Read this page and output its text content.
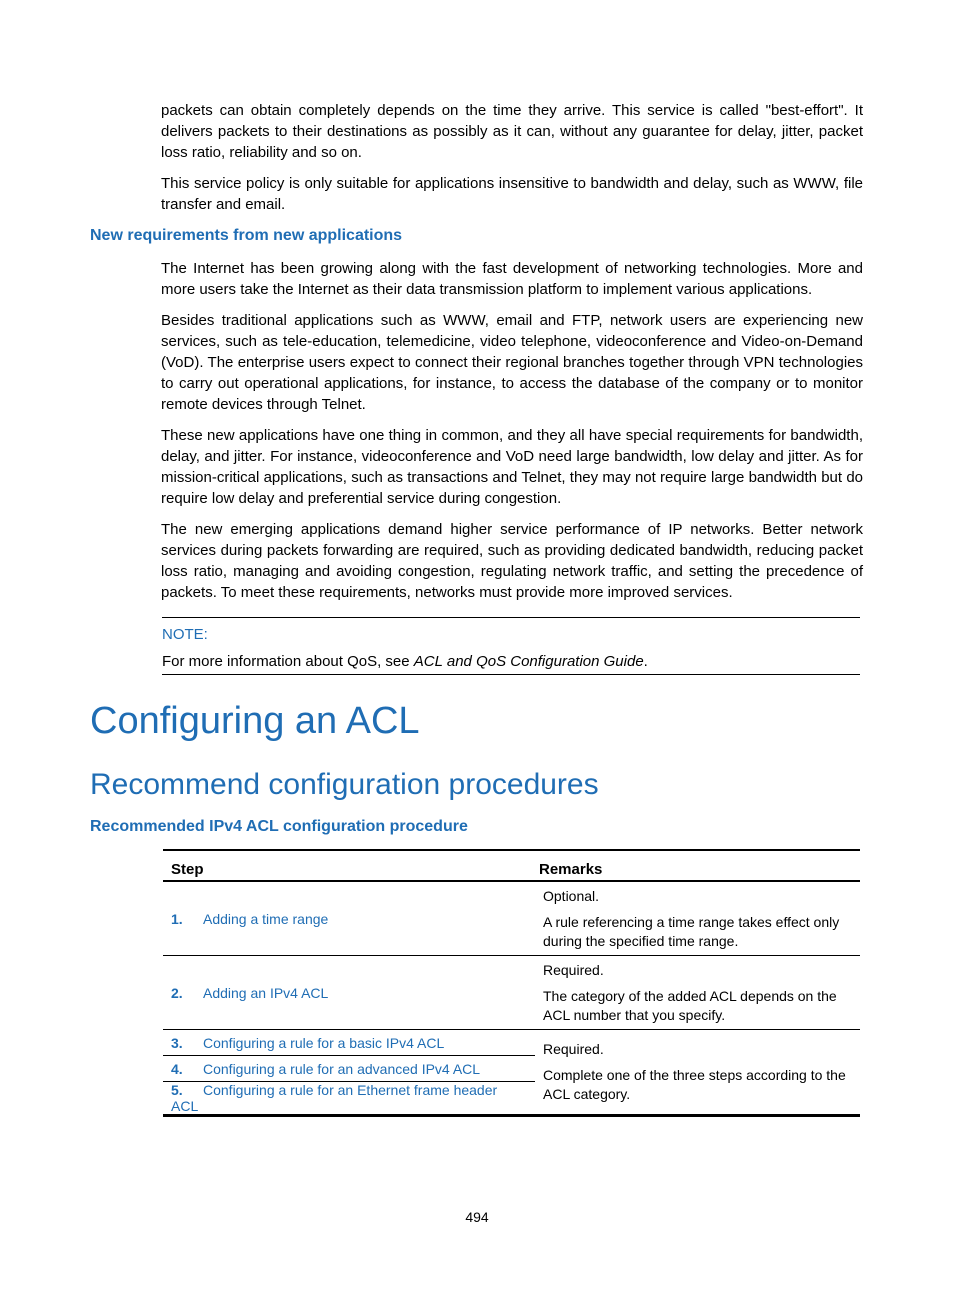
packets can obtain completely depends on the time they arrive. This service is called "best-effort". It delivers packets to their destinations as possibly as it can, without any guarantee for delay, jitter, packet loss ratio, reliability and so on.

This service policy is only suitable for applications insensitive to bandwidth and delay, such as WWW, file transfer and email.

New requirements from new applications

The Internet has been growing along with the fast development of networking technologies. More and more users take the Internet as their data transmission platform to implement various applications.

Besides traditional applications such as WWW, email and FTP, network users are experiencing new services, such as tele-education, telemedicine, video telephone, videoconference and Video-on-Demand (VoD). The enterprise users expect to connect their regional branches together through VPN technologies to carry out operational applications, for instance, to access the database of the company or to monitor remote devices through Telnet.

These new applications have one thing in common, and they all have special requirements for bandwidth, delay, and jitter. For instance, videoconference and VoD need large bandwidth, low delay and jitter. As for mission-critical applications, such as transactions and Telnet, they may not require large bandwidth but do require low delay and preferential service during congestion.

The new emerging applications demand higher service performance of IP networks. Better network services during packets forwarding are required, such as providing dedicated bandwidth, reducing packet loss ratio, managing and avoiding congestion, regulating network traffic, and setting the precedence of packets. To meet these requirements, networks must provide more improved services.

NOTE:
For more information about QoS, see ACL and QoS Configuration Guide.
Configuring an ACL
Recommend configuration procedures
Recommended IPv4 ACL configuration procedure
Step	Remarks
1. Adding a time range	Optional.

A rule referencing a time range takes effect only during the specified time range.

2. Adding an IPv4 ACL	Required.

The category of the added ACL depends on the ACL number that you specify.

3. Configuring a rule for a basic IPv4 ACL	Required.

Complete one of the three steps according to the ACL category.

4. Configuring a rule for an advanced IPv4 ACL	
5. Configuring a rule for an Ethernet frame header ACL	
494
